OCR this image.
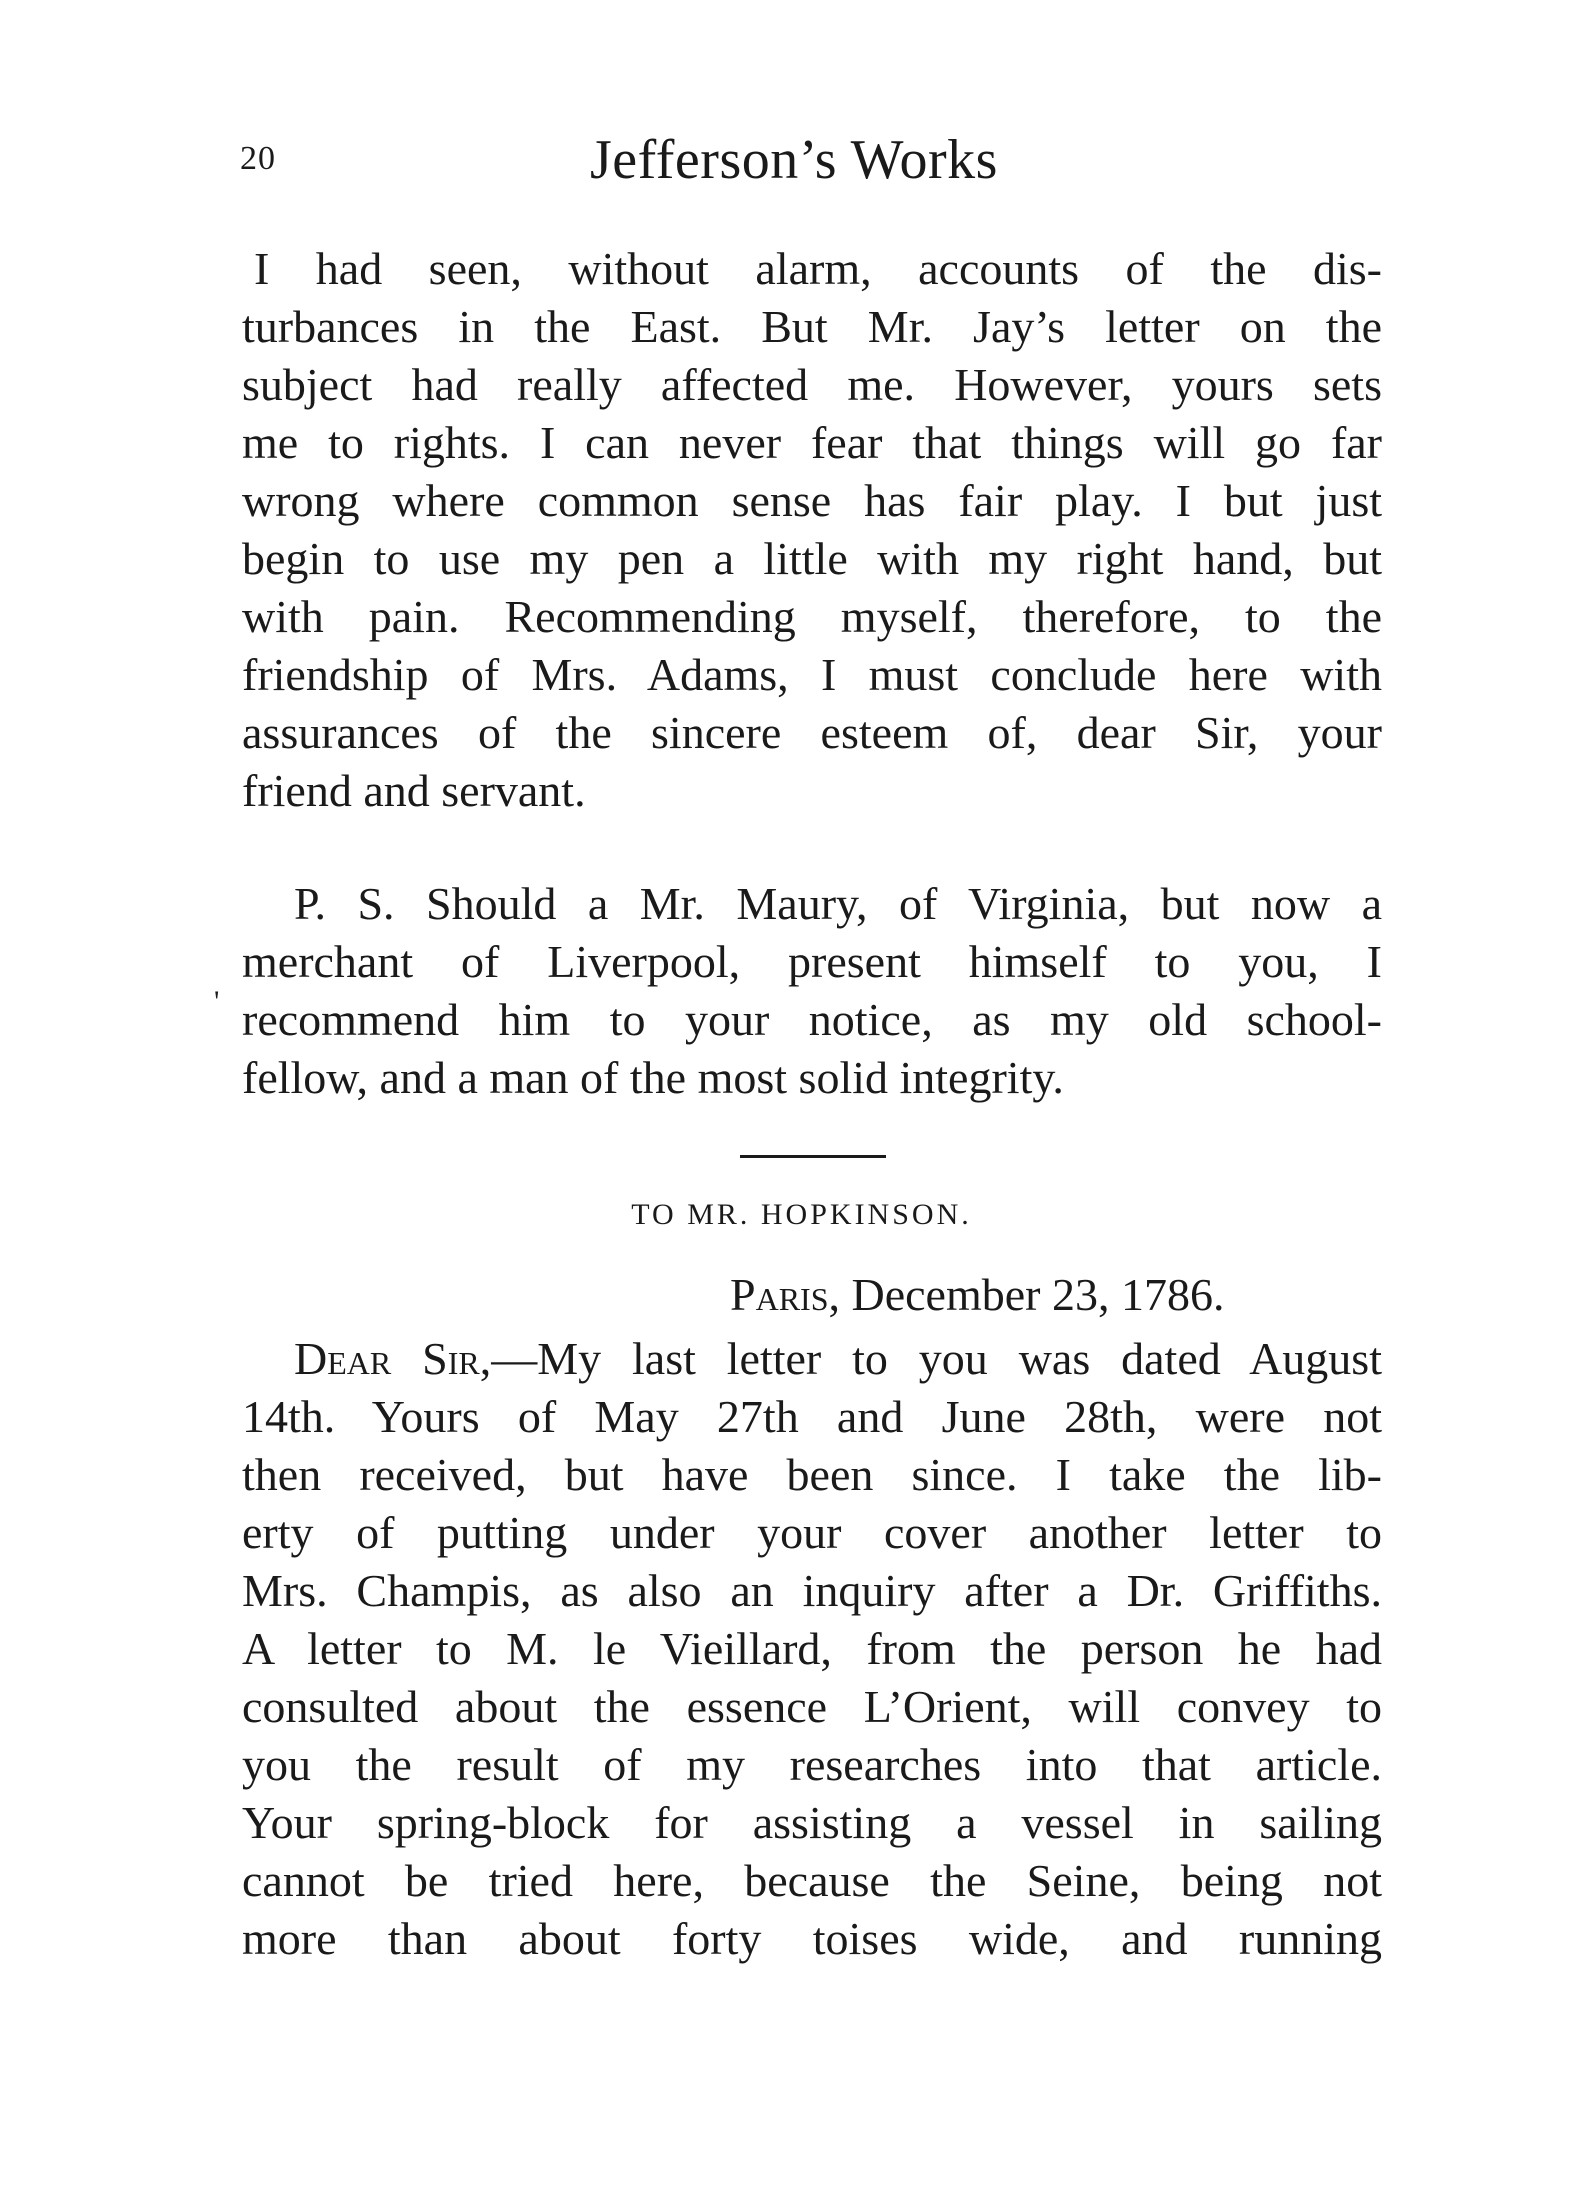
20	Jefferson’s Works
I had seen, without alarm, accounts of the dis-
turbances in the East. But Mr. Jay’s letter on the
subject had really affected me. However, yours sets
me to rights. I can never fear that things will go far
wrong where common sense has fair play. I but just
begin to use my pen a little with my right hand, but
with pain. Recommending myself, therefore, to the
friendship of Mrs. Adams, I must conclude here with
assurances of the sincere esteem of, dear Sir, your
friend and servant.
P. S. Should a Mr. Maury, of Virginia, but now a
merchant of Liverpool, present himself to you, I
recommend him to your notice, as my old school-
fellow, and a man of the most solid integrity.
'
TO MR. HOPKINSON.
Paris, December 23, 1786.
Dear Sir,—My last letter to you was dated August
14th. Yours of May 27th and June 28th, were not
then received, but have been since. I take the lib-
erty of putting under your cover another letter to
Mrs. Champis, as also an inquiry after a Dr. Griffiths.
A letter to M. le Vieillard, from the person he had
consulted about the essence L’Orient, will convey to
you the result of my researches into that article.
Your spring-block for assisting a vessel in sailing
cannot be tried here, because the Seine, being not
more than about forty toises wide, and running
